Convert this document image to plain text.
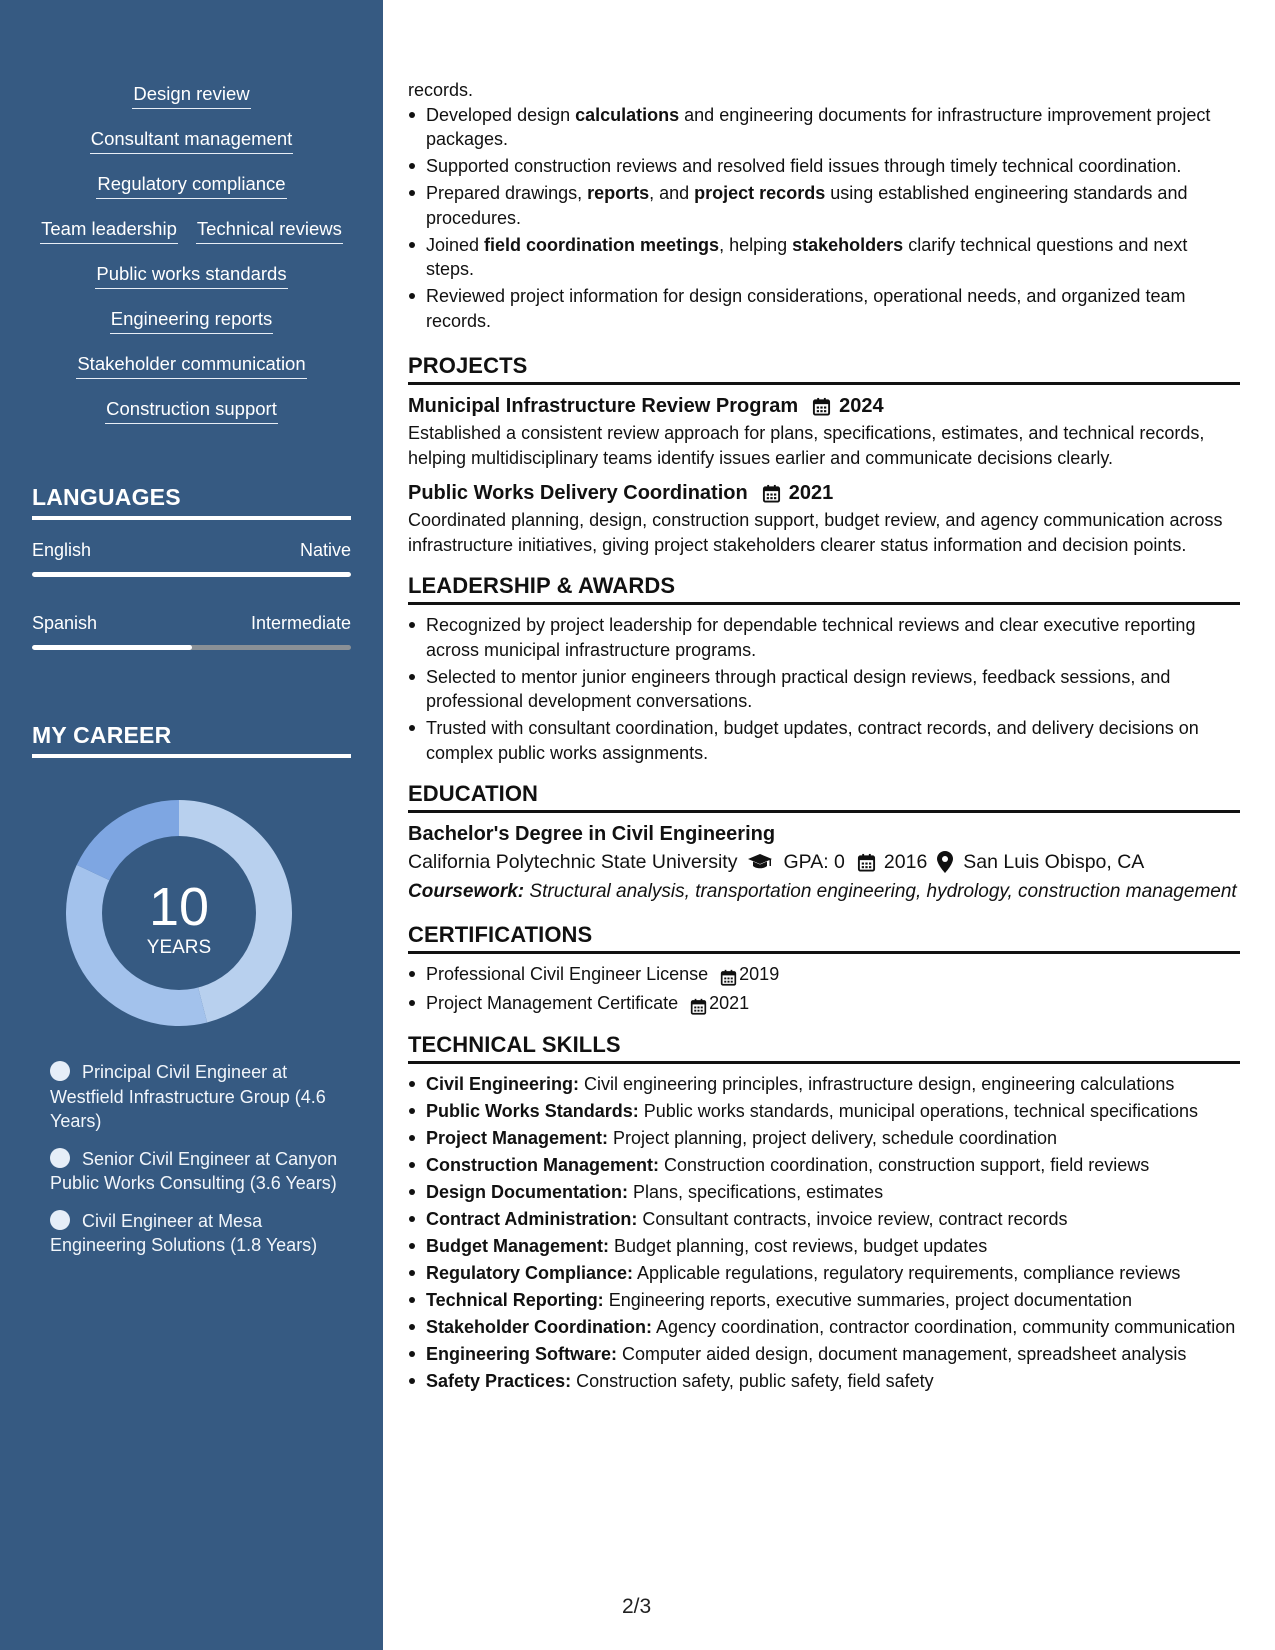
Design review
Consultant management
Regulatory compliance
Team leadership Technical reviews
Public works standards
Engineering reports
Stakeholder communication
Construction support
LANGUAGES
English	Native
Spanish	Intermediate
MY CAREER
10
YEARS
Principal Civil Engineer at Westfield Infrastructure Group (4.6 Years)
Senior Civil Engineer at Canyon Public Works Consulting (3.6 Years)
Civil Engineer at Mesa Engineering Solutions (1.8 Years)
records.
Developed design calculations and engineering documents for infrastructure improvement project packages.
Supported construction reviews and resolved field issues through timely technical coordination.
Prepared drawings, reports, and project records using established engineering standards and procedures.
Joined field coordination meetings, helping stakeholders clarify technical questions and next steps.
Reviewed project information for design considerations, operational needs, and organized team records.
PROJECTS
Municipal Infrastructure Review Program 2024
Established a consistent review approach for plans, specifications, estimates, and technical records, helping multidisciplinary teams identify issues earlier and communicate decisions clearly.
Public Works Delivery Coordination 2021
Coordinated planning, design, construction support, budget review, and agency communication across infrastructure initiatives, giving project stakeholders clearer status information and decision points.
LEADERSHIP & AWARDS
Recognized by project leadership for dependable technical reviews and clear executive reporting across municipal infrastructure programs.
Selected to mentor junior engineers through practical design reviews, feedback sessions, and professional development conversations.
Trusted with consultant coordination, budget updates, contract records, and delivery decisions on complex public works assignments.
EDUCATION
Bachelor's Degree in Civil Engineering
California Polytechnic State University GPA: 0 2016 San Luis Obispo, CA
Coursework: Structural analysis, transportation engineering, hydrology, construction management
CERTIFICATIONS
Professional Civil Engineer License 2019
Project Management Certificate 2021
TECHNICAL SKILLS
Civil Engineering: Civil engineering principles, infrastructure design, engineering calculations
Public Works Standards: Public works standards, municipal operations, technical specifications
Project Management: Project planning, project delivery, schedule coordination
Construction Management: Construction coordination, construction support, field reviews
Design Documentation: Plans, specifications, estimates
Contract Administration: Consultant contracts, invoice review, contract records
Budget Management: Budget planning, cost reviews, budget updates
Regulatory Compliance: Applicable regulations, regulatory requirements, compliance reviews
Technical Reporting: Engineering reports, executive summaries, project documentation
Stakeholder Coordination: Agency coordination, contractor coordination, community communication
Engineering Software: Computer aided design, document management, spreadsheet analysis
Safety Practices: Construction safety, public safety, field safety
2/3
